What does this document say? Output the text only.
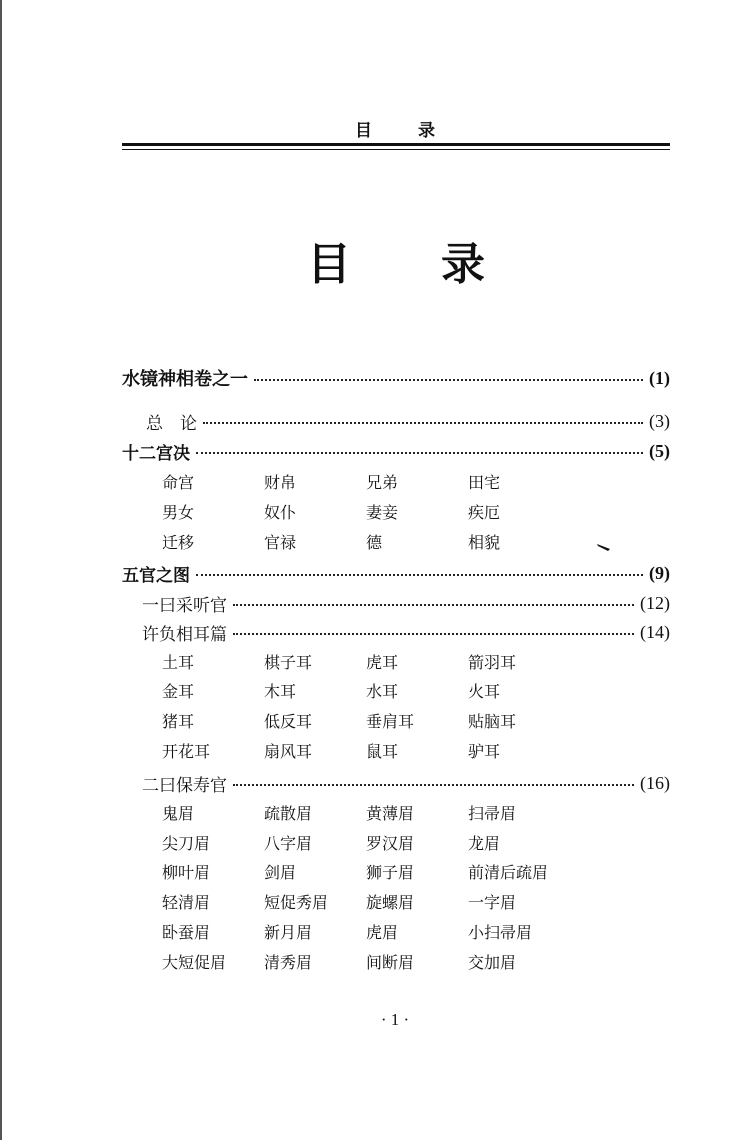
目	录
目 录
水镜神相卷之一	(1)
总　论	(3)
十二宫决	(5)
命宫	财帛	兄弟	田宅
男女	奴仆	妻妾	疾厄
迁移	官禄	德	相貌
五官之图	(9)
一曰采听官	(12)
许负相耳篇	(14)
土耳	棋子耳	虎耳	箭羽耳
金耳	木耳	水耳	火耳
猪耳	低反耳	垂肩耳	贴脑耳
开花耳	扇风耳	鼠耳	驴耳
二曰保寿官	(16)
鬼眉	疏散眉	黄薄眉	扫帚眉
尖刀眉	八字眉	罗汉眉	龙眉
柳叶眉	剑眉	狮子眉	前清后疏眉
轻清眉	短促秀眉	旋螺眉	一字眉
卧蚕眉	新月眉	虎眉	小扫帚眉
大短促眉	清秀眉	间断眉	交加眉
· 1 ·
